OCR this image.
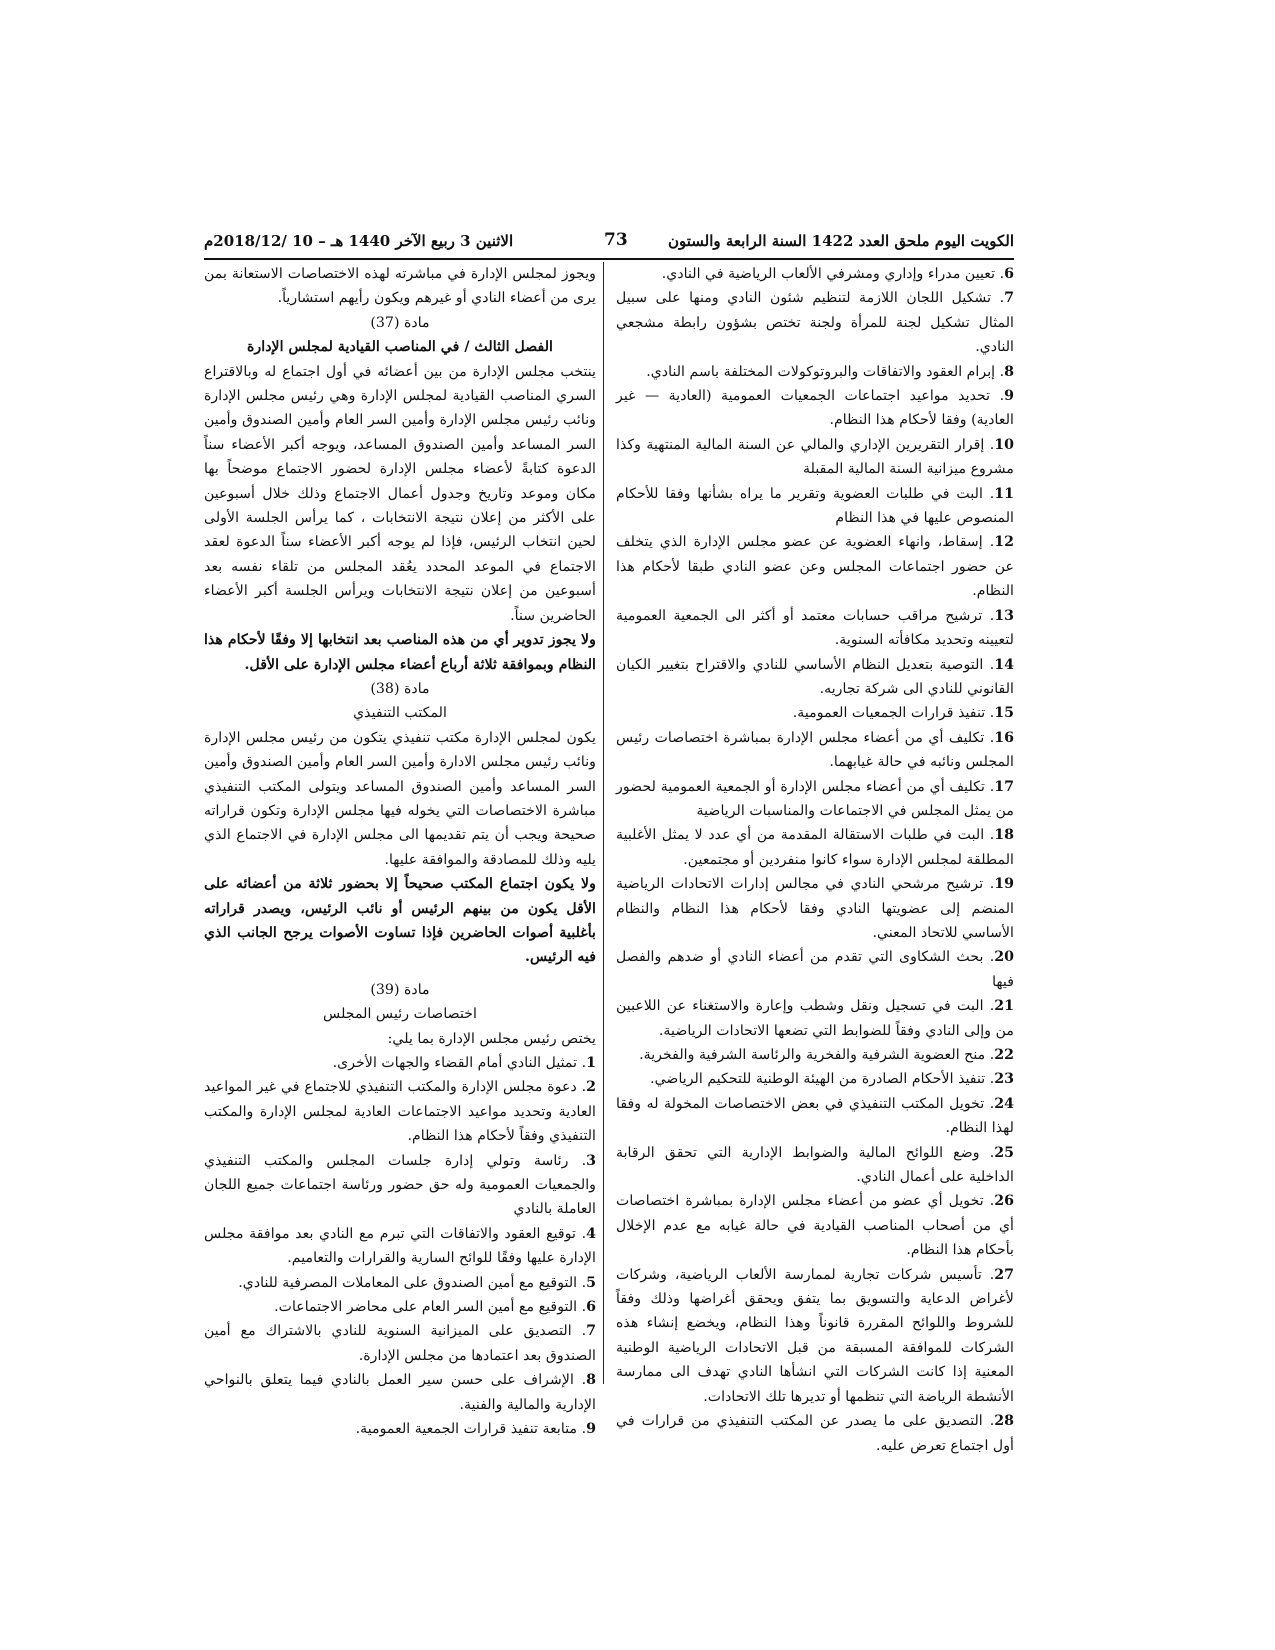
الكويت اليوم ملحق العدد 1422 السنة الرابعة والستون
73
الاثنين 3 ربيع الآخر 1440 هـ – 10 /2018/12م

6. تعيين مدراء وإداري ومشرفي الألعاب الرياضية في النادي.

7. تشكيل اللجان اللازمة لتنظيم شئون النادي ومنها على سبيل المثال تشكيل لجنة للمرأة ولجنة تختص بشؤون رابطة مشجعي النادي.

8. إبرام العقود والاتفاقات والبروتوكولات المختلفة باسم النادي.

9. تحديد مواعيد اجتماعات الجمعيات العمومية (العادية — غير العادية) وفقا لأحكام هذا النظام.

10. إقرار التقريرين الإداري والمالي عن السنة المالية المنتهية وكذا مشروع ميزانية السنة المالية المقبلة

11. البت في طلبات العضوية وتقرير ما يراه بشأنها وفقا للأحكام المنصوص عليها في هذا النظام

12. إسقاط، وانهاء العضوية عن عضو مجلس الإدارة الذي يتخلف عن حضور اجتماعات المجلس وعن عضو النادي طبقا لأحكام هذا النظام.

13. ترشيح مراقب حسابات معتمد أو أكثر الى الجمعية العمومية لتعيينه وتحديد مكافأته السنوية.

14. التوصية بتعديل النظام الأساسي للنادي والاقتراح بتغيير الكيان القانوني للنادي الى شركة تجاريه.

15. تنفيذ قرارات الجمعيات العمومية.

16. تكليف أي من أعضاء مجلس الإدارة بمباشرة اختصاصات رئيس المجلس ونائبه في حالة غيابهما.

17. تكليف أي من أعضاء مجلس الإدارة أو الجمعية العمومية لحضور من يمثل المجلس في الاجتماعات والمناسبات الرياضية

18. البت في طلبات الاستقالة المقدمة من أي عدد لا يمثل الأغلبية المطلقة لمجلس الإدارة سواء كانوا منفردين أو مجتمعين.

19. ترشيح مرشحي النادي في مجالس إدارات الاتحادات الرياضية المنضم إلى عضويتها النادي وفقا لأحكام هذا النظام والنظام الأساسي للاتحاد المعني.

20. بحث الشكاوى التي تقدم من أعضاء النادي أو ضدهم والفصل فيها

21. البت في تسجيل ونقل وشطب وإعارة والاستغناء عن اللاعبين من وإلى النادي وفقاً للضوابط التي تضعها الاتحادات الرياضية.

22. منح العضوية الشرفية والفخرية والرئاسة الشرفية والفخرية.

23. تنفيذ الأحكام الصادرة من الهيئة الوطنية للتحكيم الرياضي.

24. تخويل المكتب التنفيذي في بعض الاختصاصات المخولة له وفقا لهذا النظام.

25. وضع اللوائح المالية والضوابط الإدارية التي تحقق الرقابة الداخلية على أعمال النادي.

26. تخويل أي عضو من أعضاء مجلس الإدارة بمباشرة اختصاصات أي من أصحاب المناصب القيادية في حالة غيابه مع عدم الإخلال بأحكام هذا النظام.

27. تأسيس شركات تجارية لممارسة الألعاب الرياضية، وشركات لأغراض الدعاية والتسويق بما يتفق ويحقق أغراضها وذلك وفقاً للشروط واللوائح المقررة قانوناً وهذا النظام، ويخضع إنشاء هذه الشركات للموافقة المسبقة من قبل الاتحادات الرياضية الوطنية المعنية إذا كانت الشركات التي انشأها النادي تهدف الى ممارسة الأنشطة الرياضة التي تنظمها أو تديرها تلك الاتحادات.

28. التصديق على ما يصدر عن المكتب التنفيذي من قرارات في أول اجتماع تعرض عليه.

ويجوز لمجلس الإدارة في مباشرته لهذه الاختصاصات الاستعانة بمن يرى من أعضاء النادي أو غيرهم ويكون رأيهم استشارياً.

مادة (37)

الفصل الثالث / في المناصب القيادية لمجلس الإدارة

ينتخب مجلس الإدارة من بين أعضائه في أول اجتماع له وبالاقتراع السري المناصب القيادية لمجلس الإدارة وهي رئيس مجلس الإدارة ونائب رئيس مجلس الإدارة وأمين السر العام وأمين الصندوق وأمين السر المساعد وأمين الصندوق المساعد، ويوجه أكبر الأعضاء سناً الدعوة كتابةً لأعضاء مجلس الإدارة لحضور الاجتماع موضحاً بها مكان وموعد وتاريخ وجدول أعمال الاجتماع وذلك خلال أسبوعين على الأكثر من إعلان نتيجة الانتخابات ، كما يرأس الجلسة الأولى لحين انتخاب الرئيس، فإذا لم يوجه أكبر الأعضاء سناً الدعوة لعقد الاجتماع في الموعد المحدد يعُقد المجلس من تلقاء نفسه بعد أسبوعين من إعلان نتيجة الانتخابات ويرأس الجلسة أكبر الأعضاء الحاضرين سناً.

ولا يجوز تدوير أي من هذه المناصب بعد انتخابها إلا وفقًا لأحكام هذا النظام وبموافقة ثلاثة أرباع أعضاء مجلس الإدارة على الأقل.

مادة (38)

المكتب التنفيذي

يكون لمجلس الإدارة مكتب تنفيذي يتكون من رئيس مجلس الإدارة ونائب رئيس مجلس الادارة وأمين السر العام وأمين الصندوق وأمين السر المساعد وأمين الصندوق المساعد ويتولى المكتب التنفيذي مباشرة الاختصاصات التي يخوله فيها مجلس الإدارة وتكون قراراته صحيحة ويجب أن يتم تقديمها الى مجلس الإدارة في الاجتماع الذي يليه وذلك للمصادقة والموافقة عليها.

ولا يكون اجتماع المكتب صحيحاً إلا بحضور ثلاثة من أعضائه على الأقل يكون من بينهم الرئيس أو نائب الرئيس، ويصدر قراراته بأغلبية أصوات الحاضرين فإذا تساوت الأصوات يرجح الجانب الذي فيه الرئيس.

مادة (39)

اختصاصات رئيس المجلس

يختص رئيس مجلس الإدارة بما يلي:

1. تمثيل النادي أمام القضاء والجهات الأخرى.

2. دعوة مجلس الإدارة والمكتب التنفيذي للاجتماع في غير المواعيد العادية وتحديد مواعيد الاجتماعات العادية لمجلس الإدارة والمكتب التنفيذي وفقاً لأحكام هذا النظام.

3. رئاسة وتولي إدارة جلسات المجلس والمكتب التنفيذي والجمعيات العمومية وله حق حضور ورئاسة اجتماعات جميع اللجان العاملة بالنادي

4. توقيع العقود والاتفاقات التي تبرم مع النادي بعد موافقة مجلس الإدارة عليها وفقًا للوائح السارية والقرارات والتعاميم.

5. التوقيع مع أمين الصندوق على المعاملات المصرفية للنادي.

6. التوقيع مع أمين السر العام على محاضر الاجتماعات.

7. التصديق على الميزانية السنوية للنادي بالاشتراك مع أمين الصندوق بعد اعتمادها من مجلس الإدارة.

8. الإشراف على حسن سير العمل بالنادي فيما يتعلق بالنواحي الإدارية والمالية والفنية.

9. متابعة تنفيذ قرارات الجمعية العمومية.
